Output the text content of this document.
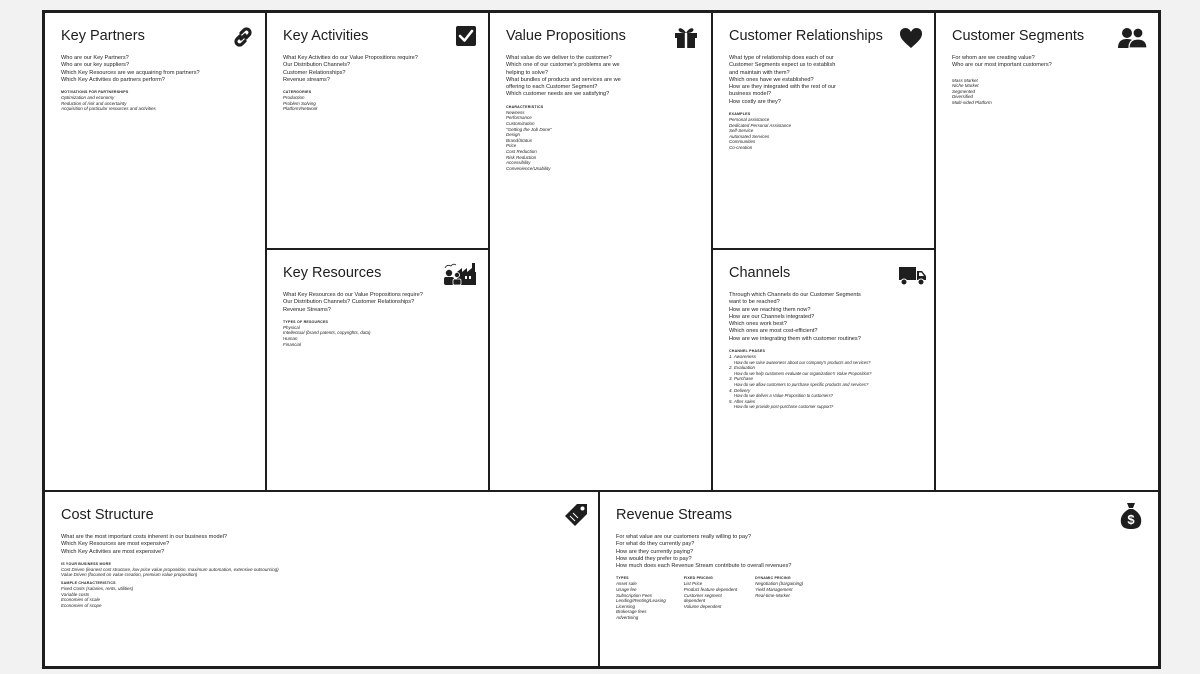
Key Partners
Who are our Key Partners?
Who are our key suppliers?
Which Key Resources are we acquairing from partners?
Which Key Activities do partners perform?
MOTIVATIONS FOR PARTNERSHIPS
Optimization and economy
Reduction of risk and uncertainty
Acquisition of particular resources and activities
Key Activities
What Key Activities do our Value Propositions require?
Our Distribution Channels?
Customer Relationships?
Revenue streams?
CATERGORIES
Production
Problem Solving
Platform/Network
Key Resources
What Key Resources do our Value Propositions require?
Our Distribution Channels? Customer Relationships?
Revenue Streams?
TYPES OF RESOURCES
Physical
Intellectual (brand patents, copyrights, data)
Human
Financial
Value Propositions
What value do we deliver to the customer?
Which one of our customer's problems are we
helping to solve?
What bundles of products and services are we
offering to each Customer Segment?
Which customer needs are we satisfying?
CHARACTERISTICS
Newness
Performance
Customization
"Getting the Job Done"
Design
Brand/Status
Price
Cost Reduction
Risk Reduction
Accessibility
Convenience/Usability
Customer Relationships
What type of relationship does each of our
Customer Segments expect us to establish
and maintain with them?
Which ones have we established?
How are they integrated with the rest of our
business model?
How costly are they?
EXAMPLES
Personal assistance
Dedicated Personal Assistance
Self-Service
Automated Services
Communities
Co-creation
Channels
Through which Channels do our Customer Segments
want to be reached?
How are we reaching them now?
How are our Channels integrated?
Which ones work best?
Which ones are most cost-efficient?
How are we integrating them with customer routines?
CHANNEL PHASES
1. Awareness
How do we raise awareness about our company's products and services?
2. Evaluation
How do we help customers evaluate our organization's Value Proposition?
3. Purchase
How do we allow customers to purchase specific products and services?
4. Delivery
How do we deliver a Value Proposition to customers?
5. After sales
How do we provide post-purchase customer support?
Customer Segments
For whom are we creating value?
Who are our most important customers?
Mass Market
Niche Market
Segmented
Diversified
Multi-sided Platform
Cost Structure
What are the most important costs inherent in our business model?
Which Key Resources are most expensive?
Which Key Activities are most expensive?
IS YOUR BUSINESS MORE
Cost Driven (leanest cost structure, low price value proposition, maximum automation, extensive outsourcing)
Value Driven (focused on value creation, premium value proposition)
SAMPLE CHARACTERISTICS
Fixed Costs (salaries, rents, utilities)
Variable costs
Economies of scale
Economies of scope
Revenue Streams	$
For what value are our customers really willing to pay?
For what do they currently pay?
How are they currently paying?
How would they prefer to pay?
How much does each Revenue Stream contribute to overall revenues?
TYPES
Asset sale
Usage fee
Subscription Fees
Lending/Renting/Leasing
Licensing
Brokerage fees
Advertising
FIXED PRICING
List Price
Product feature dependent
Customer segment
dependent
Volume dependent
DYNAMIC PRICING
Negotiation (bargaining)
Yield Management
Real-time-Market
